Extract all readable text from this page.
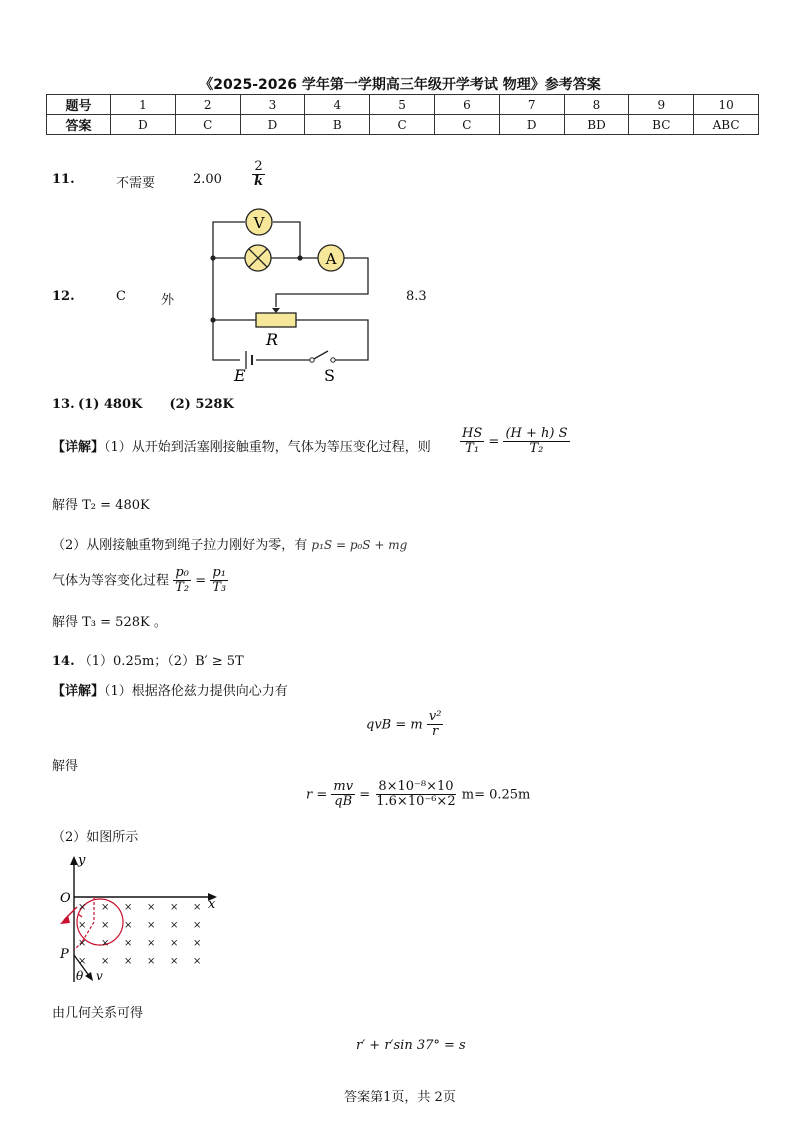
《2025-2026 学年第一学期高三年级开学考试 物理》参考答案
题号	1	2	3	4	5	6	7	8	9	10
答案	D	C	D	B	C	C	D	BD	BC	ABC
11.	不需要	$2.00 \frac{2}{k}$
V
A
R
E	S
12.	C	外	8.3
13. (1) 480K      (2) 528K
【详解】（1）从开始到活塞刚接触重物，气体为等压变化过程，则 $\frac{HS}{\text{T₁}} = \frac{(H + h) S}{\text{T₂}}$
解得 T₂ = 480K
（2）从刚接触重物到绳子拉力刚好为零，有 p₁S = p₀S + mg
气体为等容变化过程 $\frac{\text{p₀}}{\text{T₂}} = \frac{\text{p₁}}{\text{T₃}}$
解得 T₃ = 528K 。
14. （1）0.25m；（2）B′ ≥ 5T
【详解】（1）根据洛伦兹力提供向心力有
qvB = m $\frac{\text{v²}}{r}$
解得
$r = \frac{mv}{qB} = \frac{\text{8×10⁻⁸×10}}{\text{1.6×10⁻⁶×2}} m= 0.25m$
（2）如图所示
× × × × × ×
× × × × × ×
× × × × × ×
× × × × × ×
y
x
O
P
θ v
由几何关系可得
r′ + r′sin 37° = s
答案第1页，共 2页
